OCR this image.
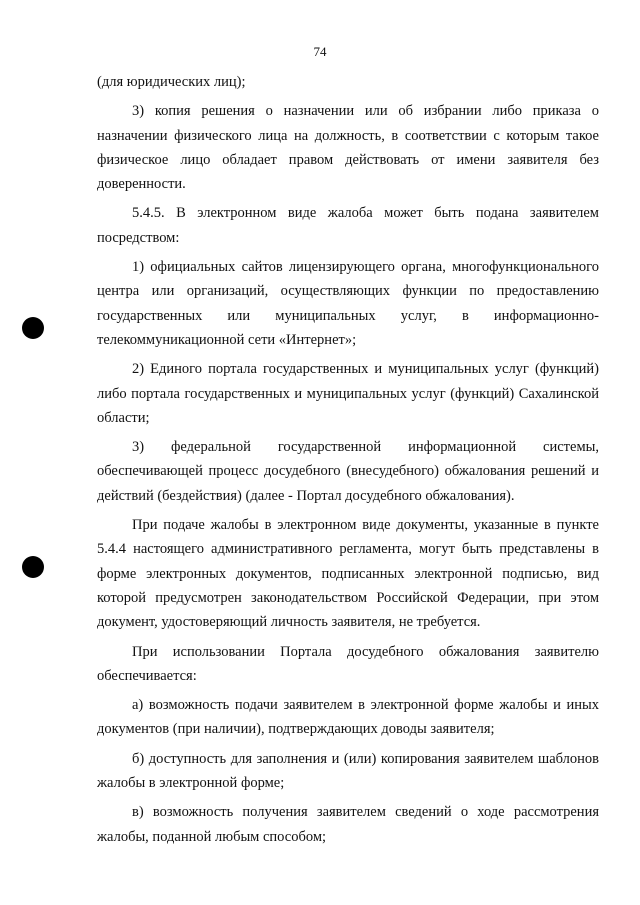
74

(для юридических лиц);

3) копия решения о назначении или об избрании либо приказа о назначении физического лица на должность, в соответствии с которым такое физическое лицо обладает правом действовать от имени заявителя без доверенности.

5.4.5. В электронном виде жалоба может быть подана заявителем посредством:

1) официальных сайтов лицензирующего органа, многофункционального центра или организаций, осуществляющих функции по предоставлению государственных или муниципальных услуг, в информационно-телекоммуникационной сети «Интернет»;

2) Единого портала государственных и муниципальных услуг (функций) либо портала государственных и муниципальных услуг (функций) Сахалинской области;

3) федеральной государственной информационной системы, обеспечивающей процесс досудебного (внесудебного) обжалования решений и действий (бездействия) (далее - Портал досудебного обжалования).

При подаче жалобы в электронном виде документы, указанные в пункте 5.4.4 настоящего административного регламента, могут быть представлены в форме электронных документов, подписанных электронной подписью, вид которой предусмотрен законодательством Российской Федерации, при этом документ, удостоверяющий личность заявителя, не требуется.

При использовании Портала досудебного обжалования заявителю обеспечивается:

а) возможность подачи заявителем в электронной форме жалобы и иных документов (при наличии), подтверждающих доводы заявителя;

б) доступность для заполнения и (или) копирования заявителем шаблонов жалобы в электронной форме;

в) возможность получения заявителем сведений о ходе рассмотрения жалобы, поданной любым способом;
